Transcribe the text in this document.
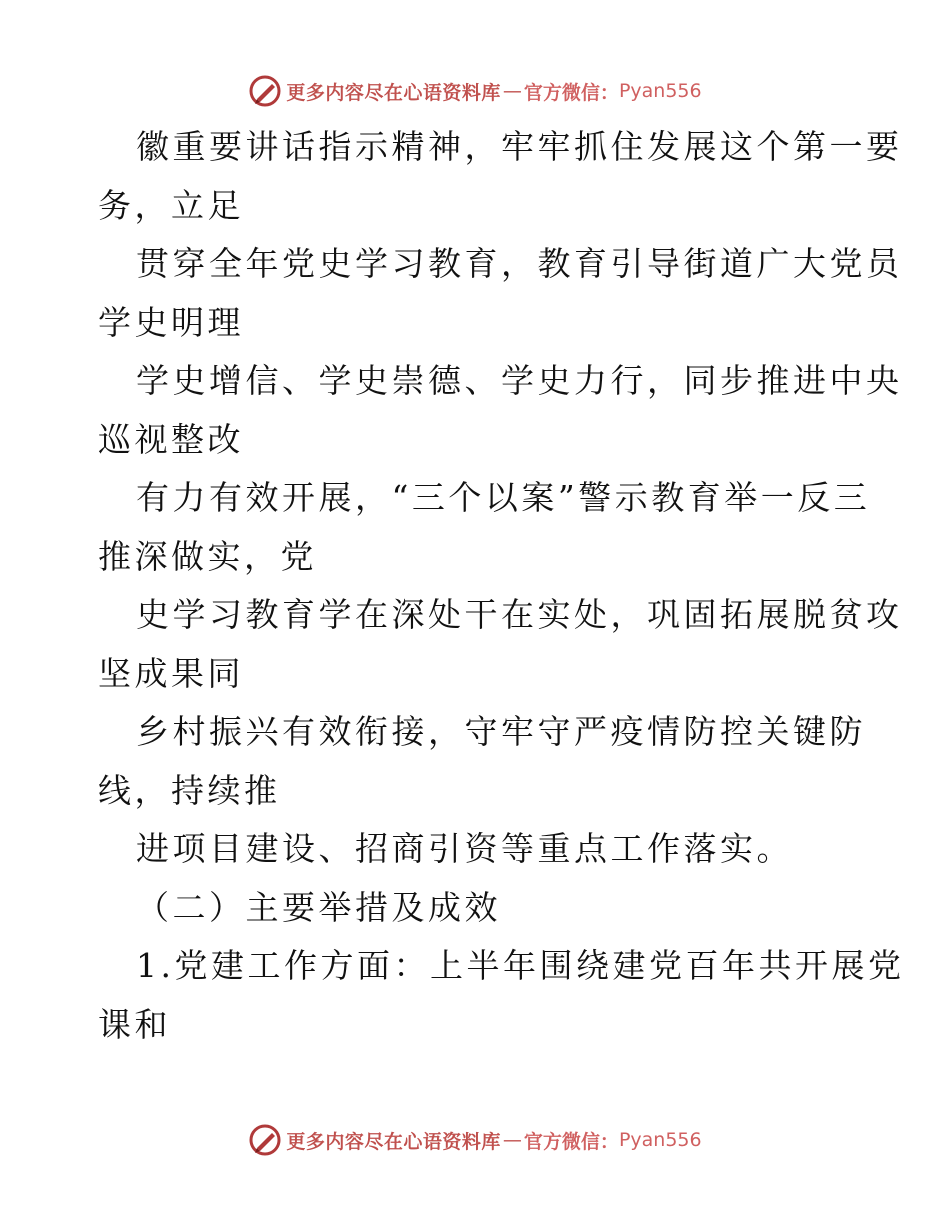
更多内容尽在心语资料库 — 官方微信： Pyan556
徽重要讲话指示精神，牢牢抓住发展这个第一要
务，立足
贯穿全年党史学习教育，教育引导街道广大党员
学史明理
学史增信、学史崇德、学史力行，同步推进中央
巡视整改
有力有效开展，“三个以案”警示教育举一反三
推深做实，党
史学习教育学在深处干在实处，巩固拓展脱贫攻
坚成果同
乡村振兴有效衔接，守牢守严疫情防控关键防
线，持续推
进项目建设、招商引资等重点工作落实。
（二）主要举措及成效
1.党建工作方面：上半年围绕建党百年共开展党
课和
更多内容尽在心语资料库 — 官方微信： Pyan556
